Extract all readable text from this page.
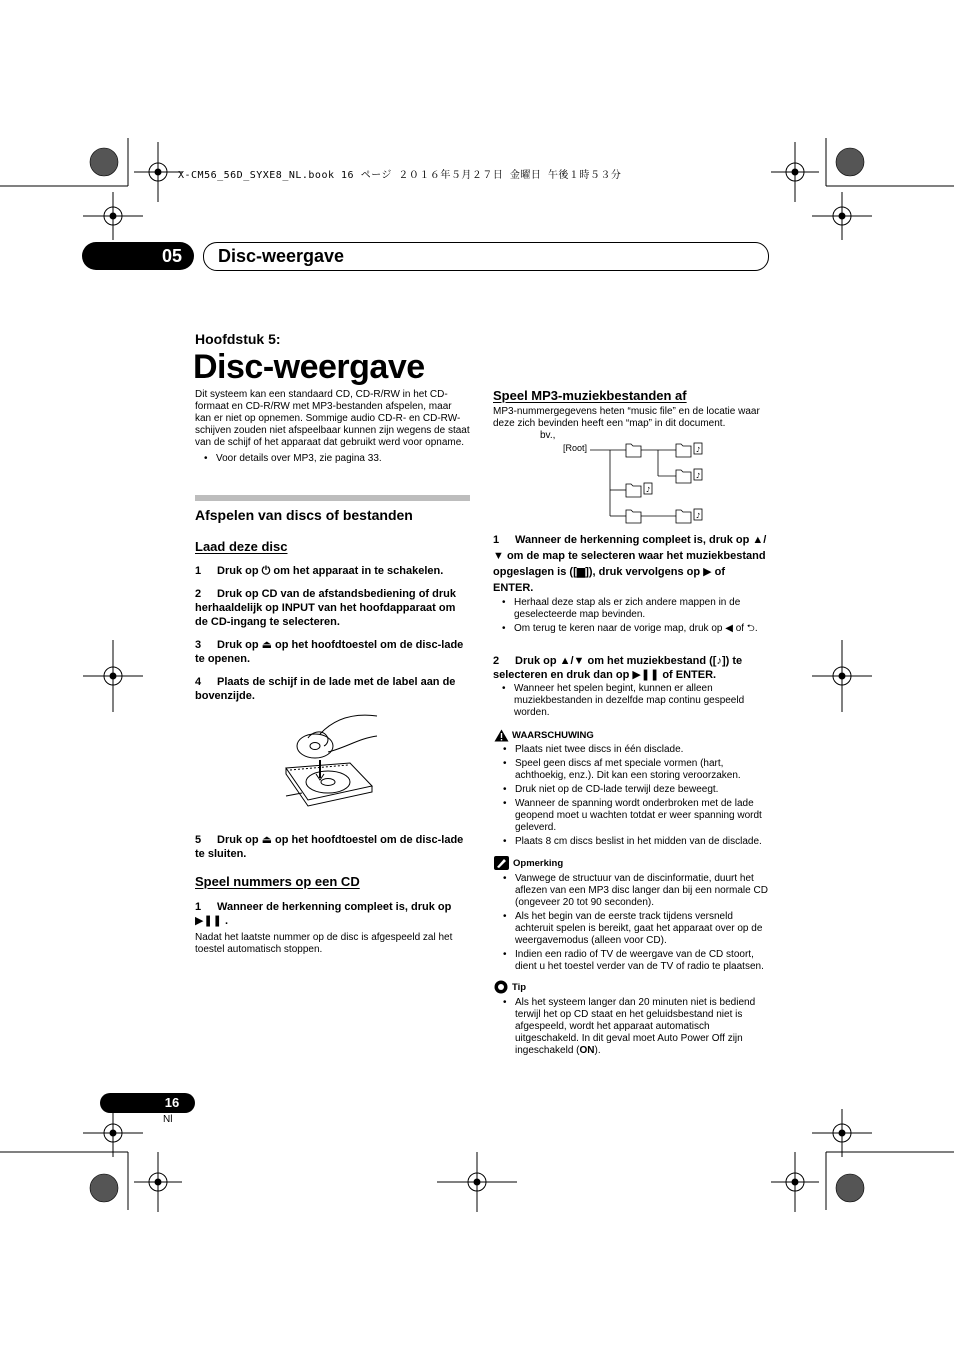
X-CM56_56D_SYXE8_NL.book 16 ページ ２０１６年５月２７日 金曜日 午後１時５３分
05	Disc-weergave
Hoofdstuk 5:
Disc-weergave
Dit systeem kan een standaard CD, CD-R/RW in het CD-formaat en CD-R/RW met MP3-bestanden afspelen, maar kan er niet op opnemen. Sommige audio CD-R- en CD-RW-schijven zouden niet afspeelbaar kunnen zijn wegens de staat van de schijf of het apparaat dat gebruikt werd voor opname.
• Voor details over MP3, zie pagina 33.
Afspelen van discs of bestanden
Laad deze disc
1 Druk op ⏻ om het apparaat in te schakelen.
2 Druk op CD van de afstandsbediening of druk herhaaldelijk op INPUT van het hoofdapparaat om de CD-ingang te selecteren.
3 Druk op ⏏ op het hoofdtoestel om de disc-lade te openen.
4 Plaats de schijf in de lade met de label aan de bovenzijde.
5 Druk op ⏏ op het hoofdtoestel om de disc-lade te sluiten.
Speel nummers op een CD
1 Wanneer de herkenning compleet is, druk op ▶❚❚ .
Nadat het laatste nummer op de disc is afgespeeld zal het toestel automatisch stoppen.
Speel MP3-muziekbestanden af
MP3-nummergegevens heten “music file” en de locatie waar deze zich bevinden heeft een “map” in dit document.
bv.,
[Root]	♪
♪
♪
♪
1 Wanneer de herkenning compleet is, druk op ▲/▼ om de map te selecteren waar het muziekbestand opgeslagen is ([▆]), druk vervolgens op ▶ of ENTER.
• Herhaal deze stap als er zich andere mappen in de geselecteerde map bevinden.
• Om terug te keren naar de vorige map, druk op ◀ of ⮌.
2 Druk op ▲/▼ om het muziekbestand ([♪]) te selecteren en druk dan op ▶❚❚ of ENTER.
• Wanneer het spelen begint, kunnen er alleen muziekbestanden in dezelfde map continu gespeeld worden.
WAARSCHUWING
• Plaats niet twee discs in één disclade.
• Speel geen discs af met speciale vormen (hart, achthoekig, enz.). Dit kan een storing veroorzaken.
• Druk niet op de CD-lade terwijl deze beweegt.
• Wanneer de spanning wordt onderbroken met de lade geopend moet u wachten totdat er weer spanning wordt geleverd.
• Plaats 8 cm discs beslist in het midden van de disclade.
Opmerking
• Vanwege de structuur van de discinformatie, duurt het aflezen van een MP3 disc langer dan bij een normale CD (ongeveer 20 tot 90 seconden).
• Als het begin van de eerste track tijdens versneld achteruit spelen is bereikt, gaat het apparaat over op de weergavemodus (alleen voor CD).
• Indien een radio of TV de weergave van de CD stoort, dient u het toestel verder van de TV of radio te plaatsen.
Tip
• Als het systeem langer dan 20 minuten niet is bediend terwijl het op CD staat en het geluidsbestand niet is afgespeeld, wordt het apparaat automatisch uitgeschakeld. In dit geval moet Auto Power Off zijn ingeschakeld (ON).
16
Nl
